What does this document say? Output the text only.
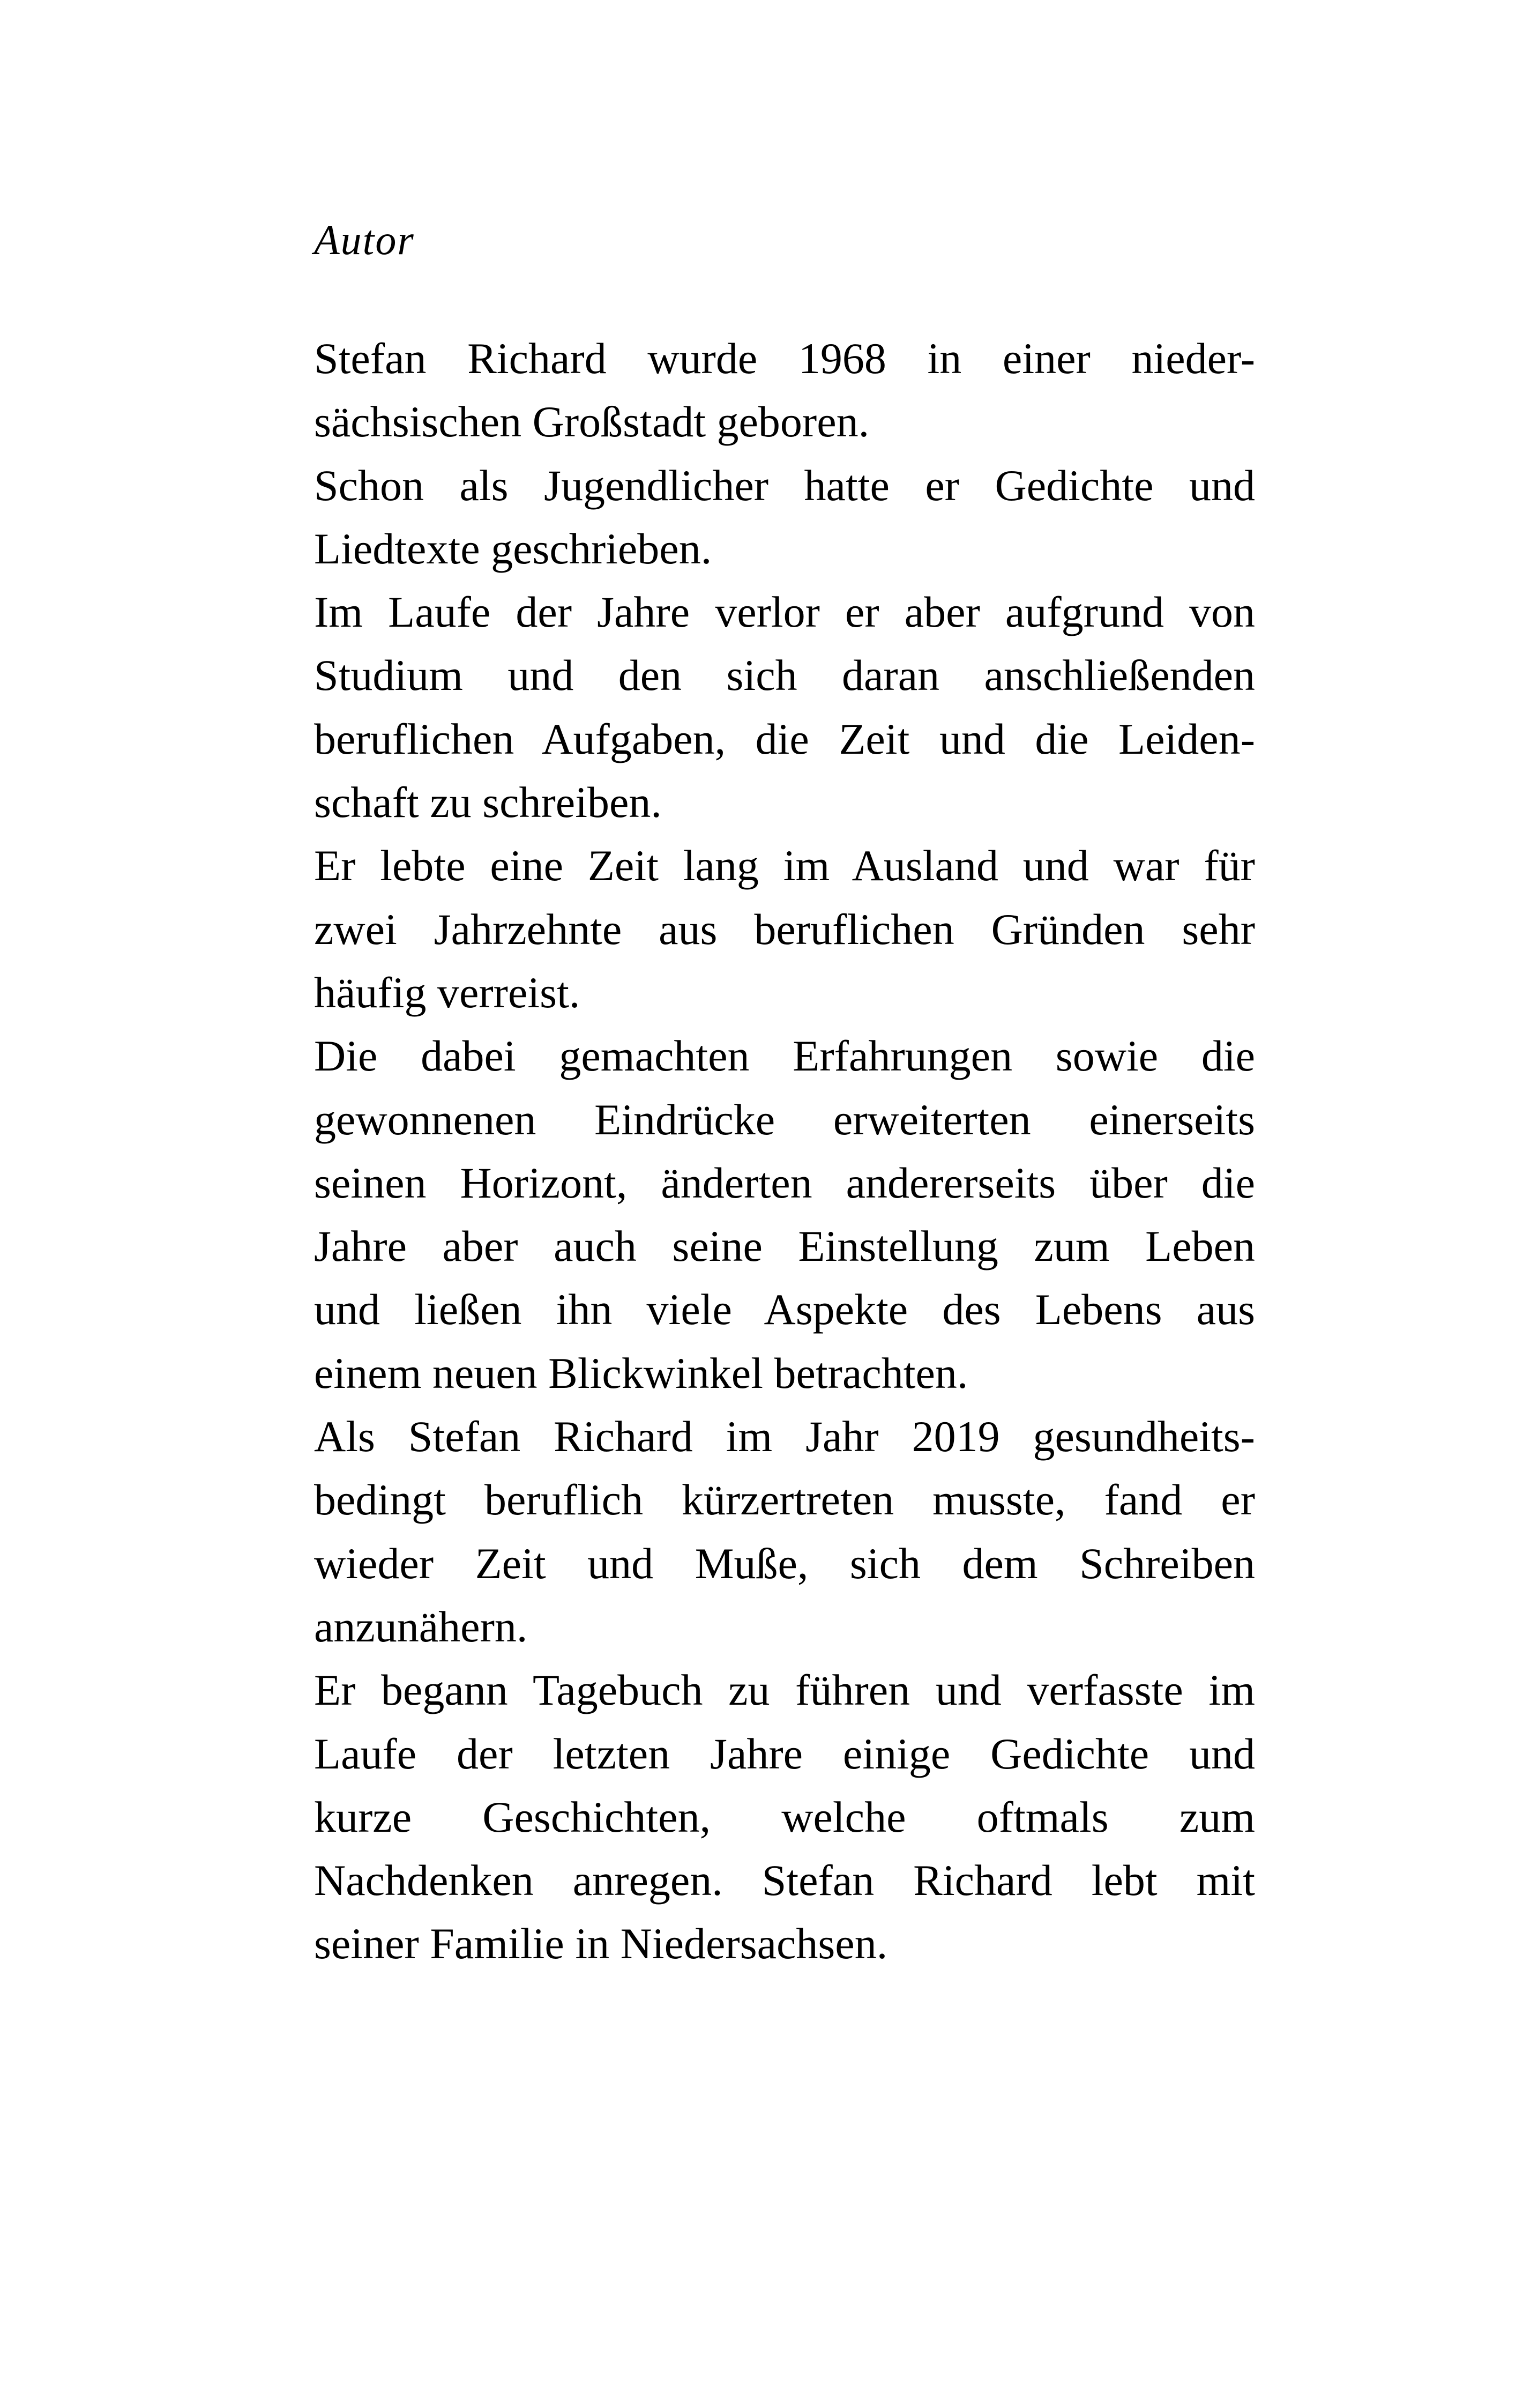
Autor
Stefan Richard wurde 1968 in einer nieder-
sächsischen Großstadt geboren.
Schon als Jugendlicher hatte er Gedichte und
Liedtexte geschrieben.
Im Laufe der Jahre verlor er aber aufgrund von
Studium und den sich daran anschließenden
beruflichen Aufgaben, die Zeit und die Leiden-
schaft zu schreiben.
Er lebte eine Zeit lang im Ausland und war für
zwei Jahrzehnte aus beruflichen Gründen sehr
häufig verreist.
Die dabei gemachten Erfahrungen sowie die
gewonnenen Eindrücke erweiterten einerseits
seinen Horizont, änderten andererseits über die
Jahre aber auch seine Einstellung zum Leben
und ließen ihn viele Aspekte des Lebens aus
einem neuen Blickwinkel betrachten.
Als Stefan Richard im Jahr 2019 gesundheits-
bedingt beruflich kürzertreten musste, fand er
wieder Zeit und Muße, sich dem Schreiben
anzunähern.
Er begann Tagebuch zu führen und verfasste im
Laufe der letzten Jahre einige Gedichte und
kurze Geschichten, welche oftmals zum
Nachdenken anregen. Stefan Richard lebt mit
seiner Familie in Niedersachsen.
